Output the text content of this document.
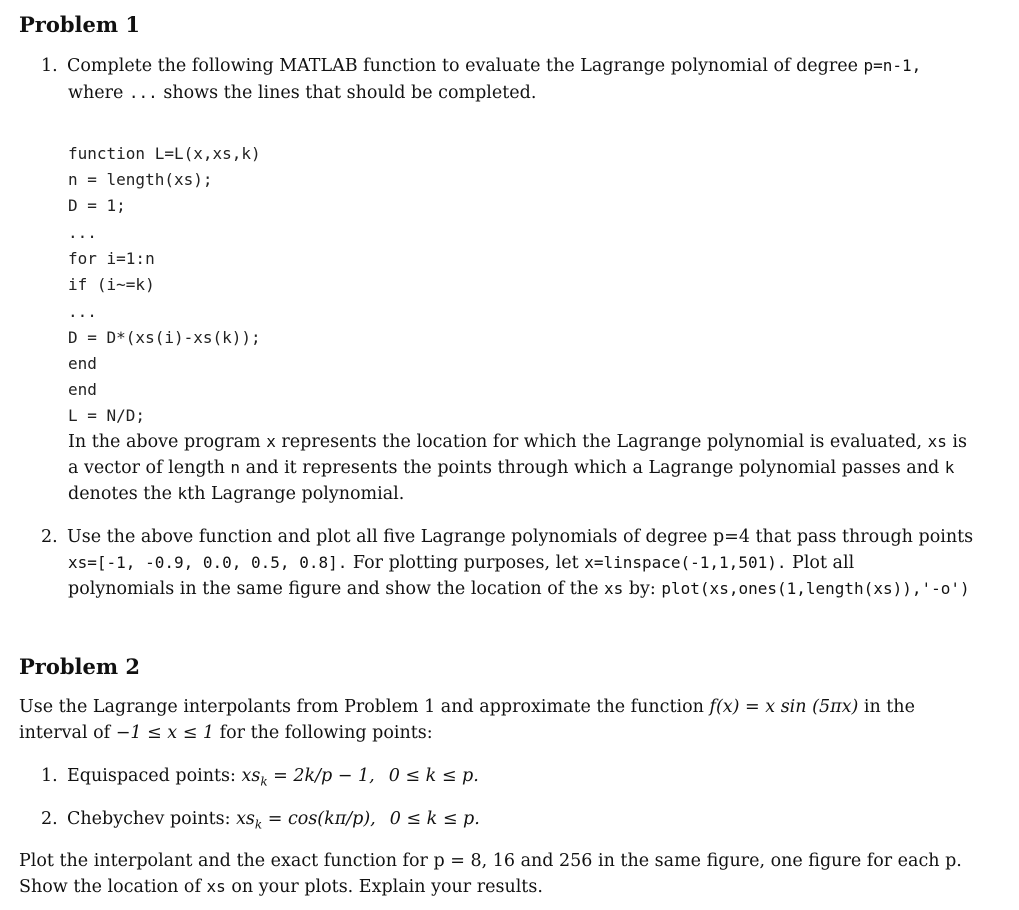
Problem 1
1. Complete the following MATLAB function to evaluate the Lagrange polynomial of degree p=n-1,
where ... shows the lines that should be completed.
function L=L(x,xs,k)
n = length(xs);
D = 1;
...
for i=1:n
if (i~=k)
...
D = D*(xs(i)-xs(k));
end
end
L = N/D;
In the above program x represents the location for which the Lagrange polynomial is evaluated, xs is
a vector of length n and it represents the points through which a Lagrange polynomial passes and k
denotes the kth Lagrange polynomial.
2. Use the above function and plot all five Lagrange polynomials of degree p=4 that pass through points
xs=[-1, -0.9, 0.0, 0.5, 0.8]. For plotting purposes, let x=linspace(-1,1,501). Plot all
polynomials in the same figure and show the location of the xs by: plot(xs,ones(1,length(xs)),'-o')
Problem 2
Use the Lagrange interpolants from Problem 1 and approximate the function f(x) = x sin (5πx) in the
interval of −1 ≤ x ≤ 1 for the following points:
1. Equispaced points: $xs_k = 2k/p - 1$, 0 ≤ k ≤ p.
2. Chebychev points: $xs_k = \cos(k\pi/p)$, 0 ≤ k ≤ p.
Plot the interpolant and the exact function for p = 8, 16 and 256 in the same figure, one figure for each p.
Show the location of xs on your plots. Explain your results.
